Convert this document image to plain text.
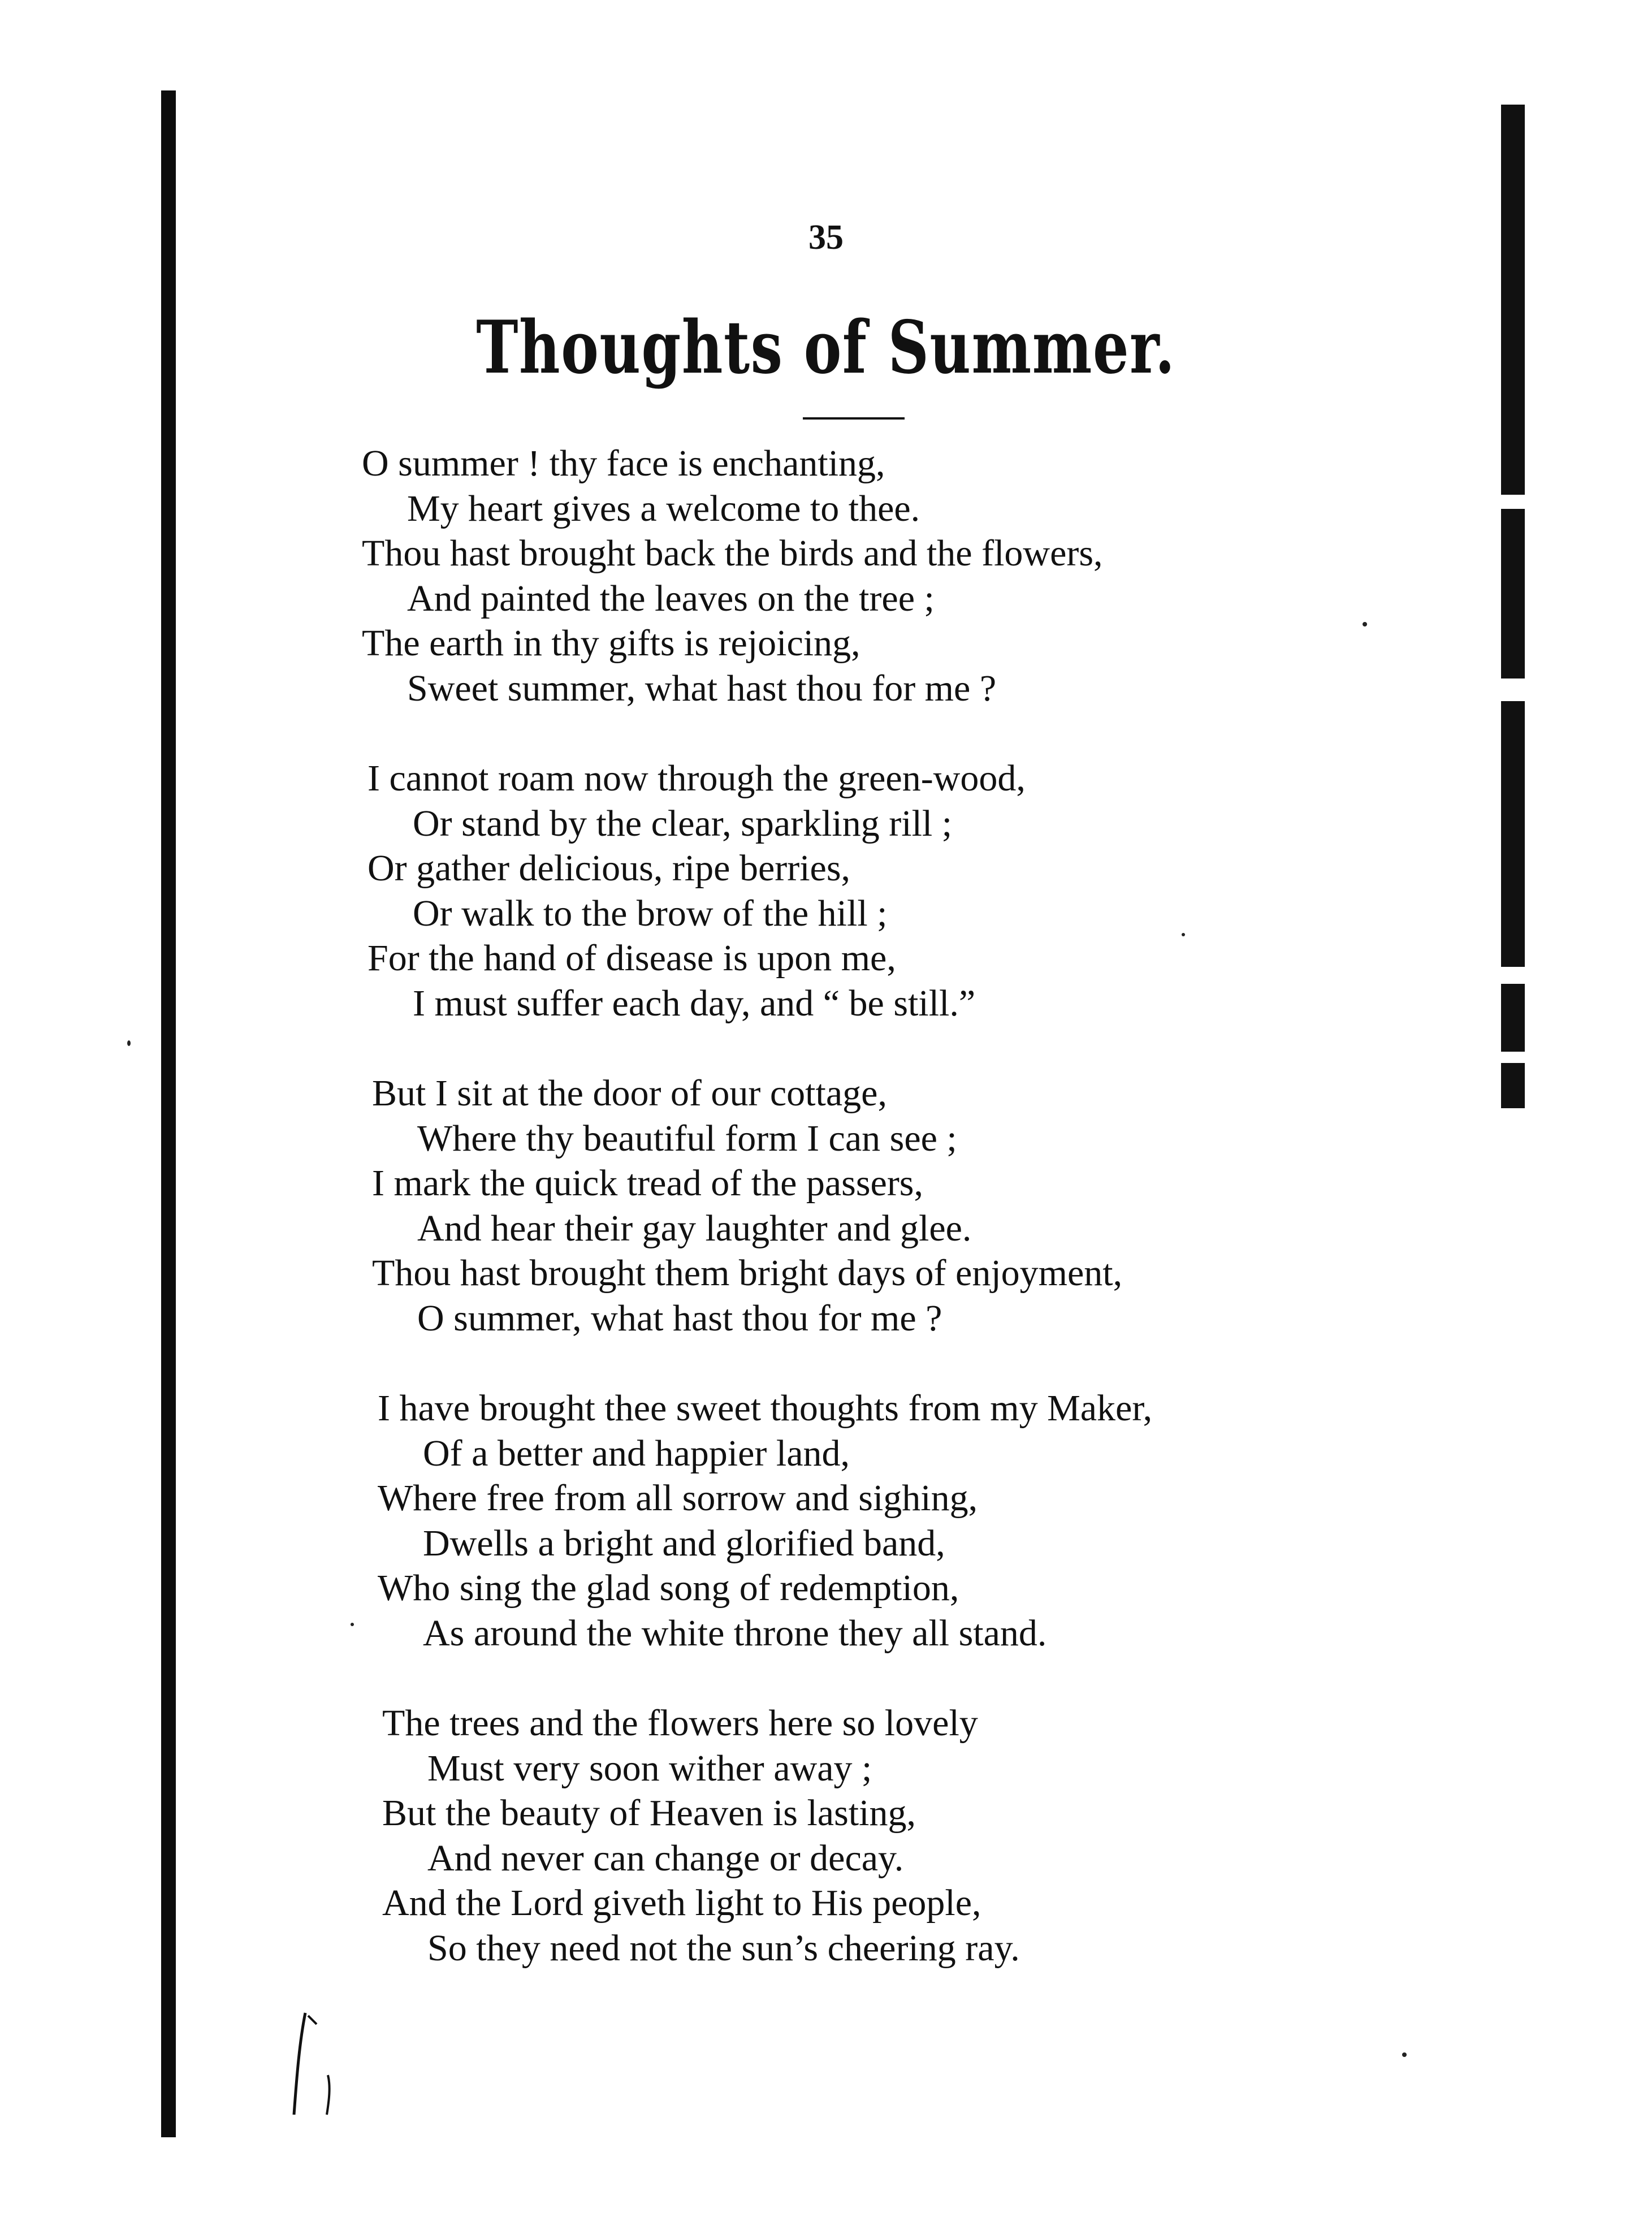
35
Thoughts of Summer.
O summer ! thy face is enchanting,
My heart gives a welcome to thee.
Thou hast brought back the birds and the flowers,
And painted the leaves on the tree ;
The earth in thy gifts is rejoicing,
Sweet summer, what hast thou for me ?
I cannot roam now through the green-wood,
Or stand by the clear, sparkling rill ;
Or gather delicious, ripe berries,
Or walk to the brow of the hill ;
For the hand of disease is upon me,
I must suffer each day, and “ be still.”
But I sit at the door of our cottage,
Where thy beautiful form I can see ;
I mark the quick tread of the passers,
And hear their gay laughter and glee.
Thou hast brought them bright days of enjoyment,
O summer, what hast thou for me ?
I have brought thee sweet thoughts from my Maker,
Of a better and happier land,
Where free from all sorrow and sighing,
Dwells a bright and glorified band,
Who sing the glad song of redemption,
As around the white throne they all stand.
The trees and the flowers here so lovely
Must very soon wither away ;
But the beauty of Heaven is lasting,
And never can change or decay.
And the Lord giveth light to His people,
So they need not the sun’s cheering ray.
